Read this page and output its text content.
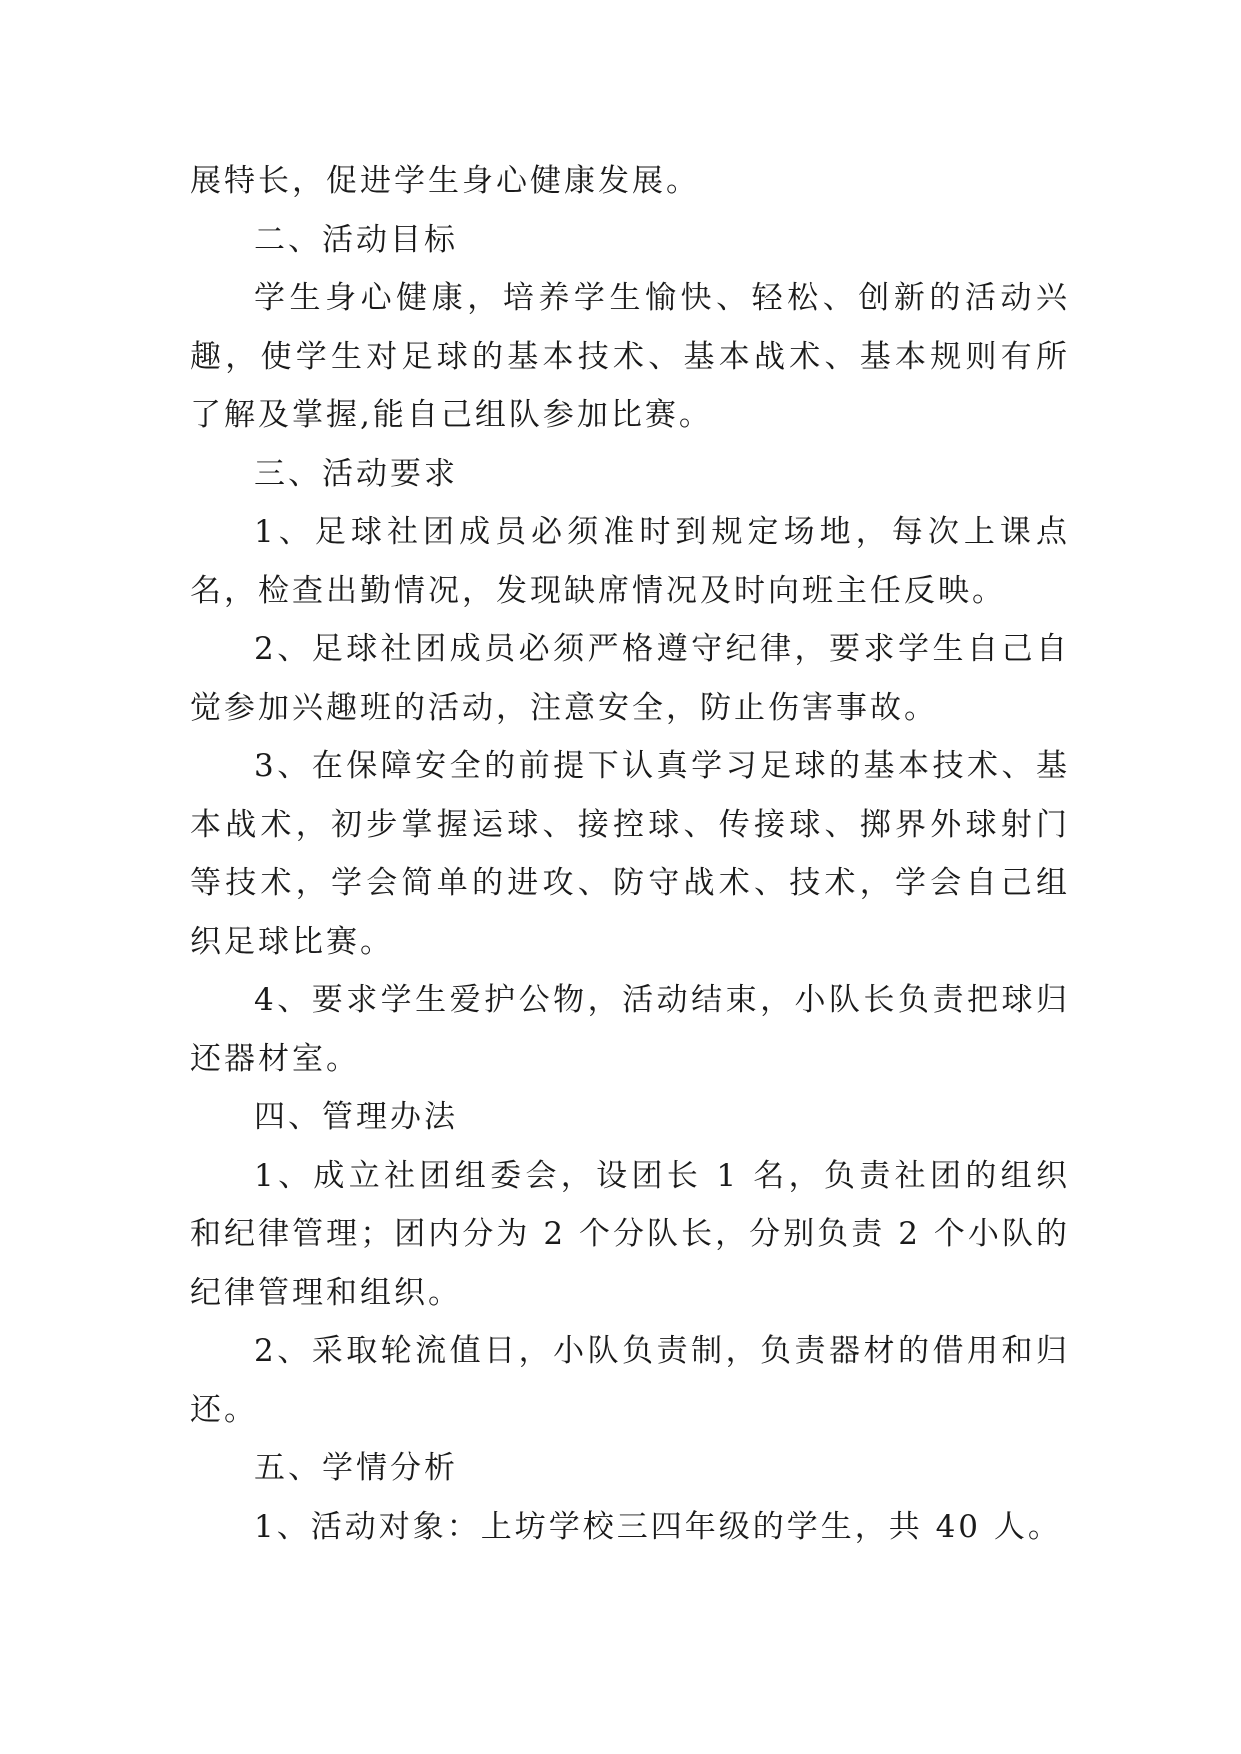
展特长，促进学生身心健康发展。

二、活动目标

学生身心健康，培养学生愉快、轻松、创新的活动兴趣，使学生对足球的基本技术、基本战术、基本规则有所了解及掌握,能自己组队参加比赛。

三、活动要求

1、足球社团成员必须准时到规定场地，每次上课点名，检查出勤情况，发现缺席情况及时向班主任反映。

2、足球社团成员必须严格遵守纪律，要求学生自己自觉参加兴趣班的活动，注意安全，防止伤害事故。

3、在保障安全的前提下认真学习足球的基本技术、基本战术，初步掌握运球、接控球、传接球、掷界外球射门等技术，学会简单的进攻、防守战术、技术，学会自己组织足球比赛。

4、要求学生爱护公物，活动结束，小队长负责把球归还器材室。

四、管理办法

1、成立社团组委会，设团长 1 名，负责社团的组织和纪律管理；团内分为 2 个分队长，分别负责 2 个小队的纪律管理和组织。

2、采取轮流值日，小队负责制，负责器材的借用和归还。

五、学情分析

1、活动对象：上坊学校三四年级的学生，共 40 人。
